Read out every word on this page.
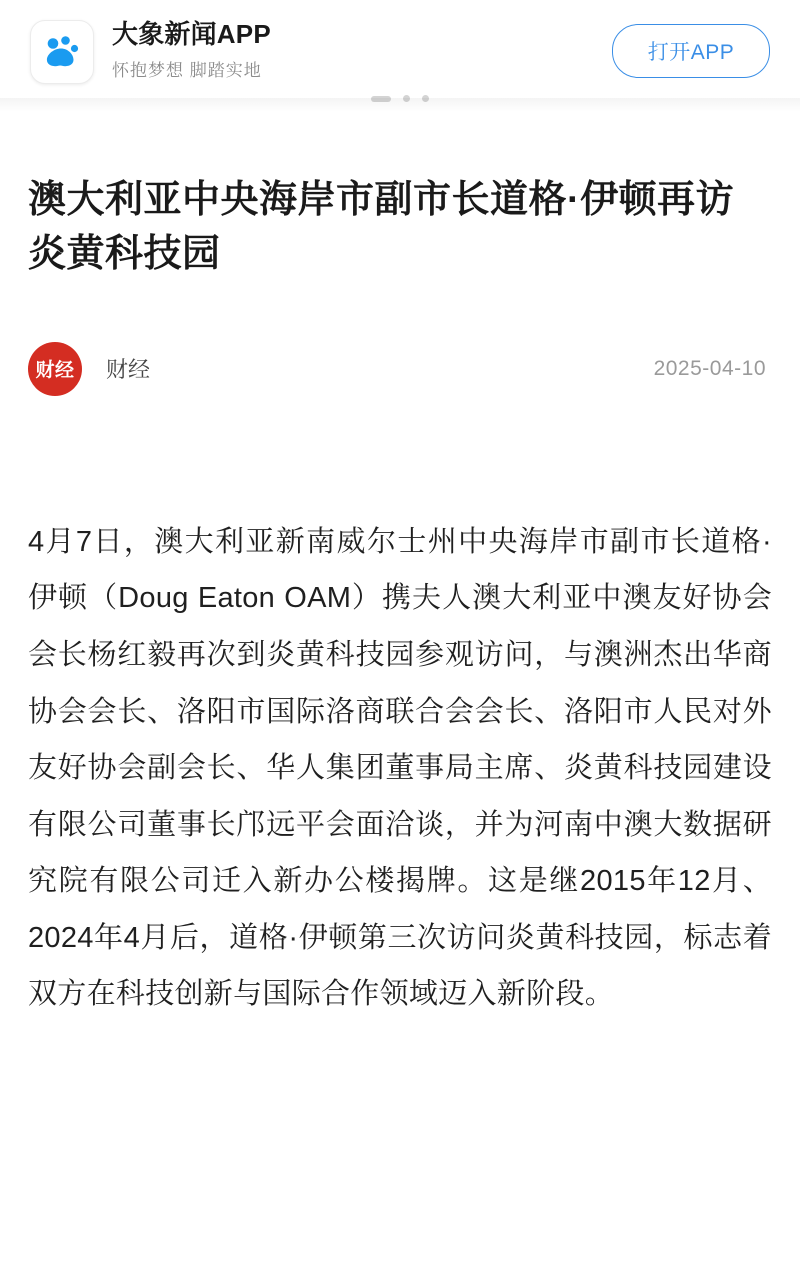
大象新闻APP
怀抱梦想 脚踏实地
打开APP
澳大利亚中央海岸市副市长道格·伊顿再访炎黄科技园
财经	财经	2025-04-10

4月7日，澳大利亚新南威尔士州中央海岸市副市长道格·伊顿（Doug Eaton OAM）携夫人澳大利亚中澳友好协会会长杨红毅再次到炎黄科技园参观访问，与澳洲杰出华商协会会长、洛阳市国际洛商联合会会长、洛阳市人民对外友好协会副会长、华人集团董事局主席、炎黄科技园建设有限公司董事长邝远平会面洽谈，并为河南中澳大数据研究院有限公司迁入新办公楼揭牌。这是继2015年12月、2024年4月后，道格·伊顿第三次访问炎黄科技园，标志着双方在科技创新与国际合作领域迈入新阶段。
